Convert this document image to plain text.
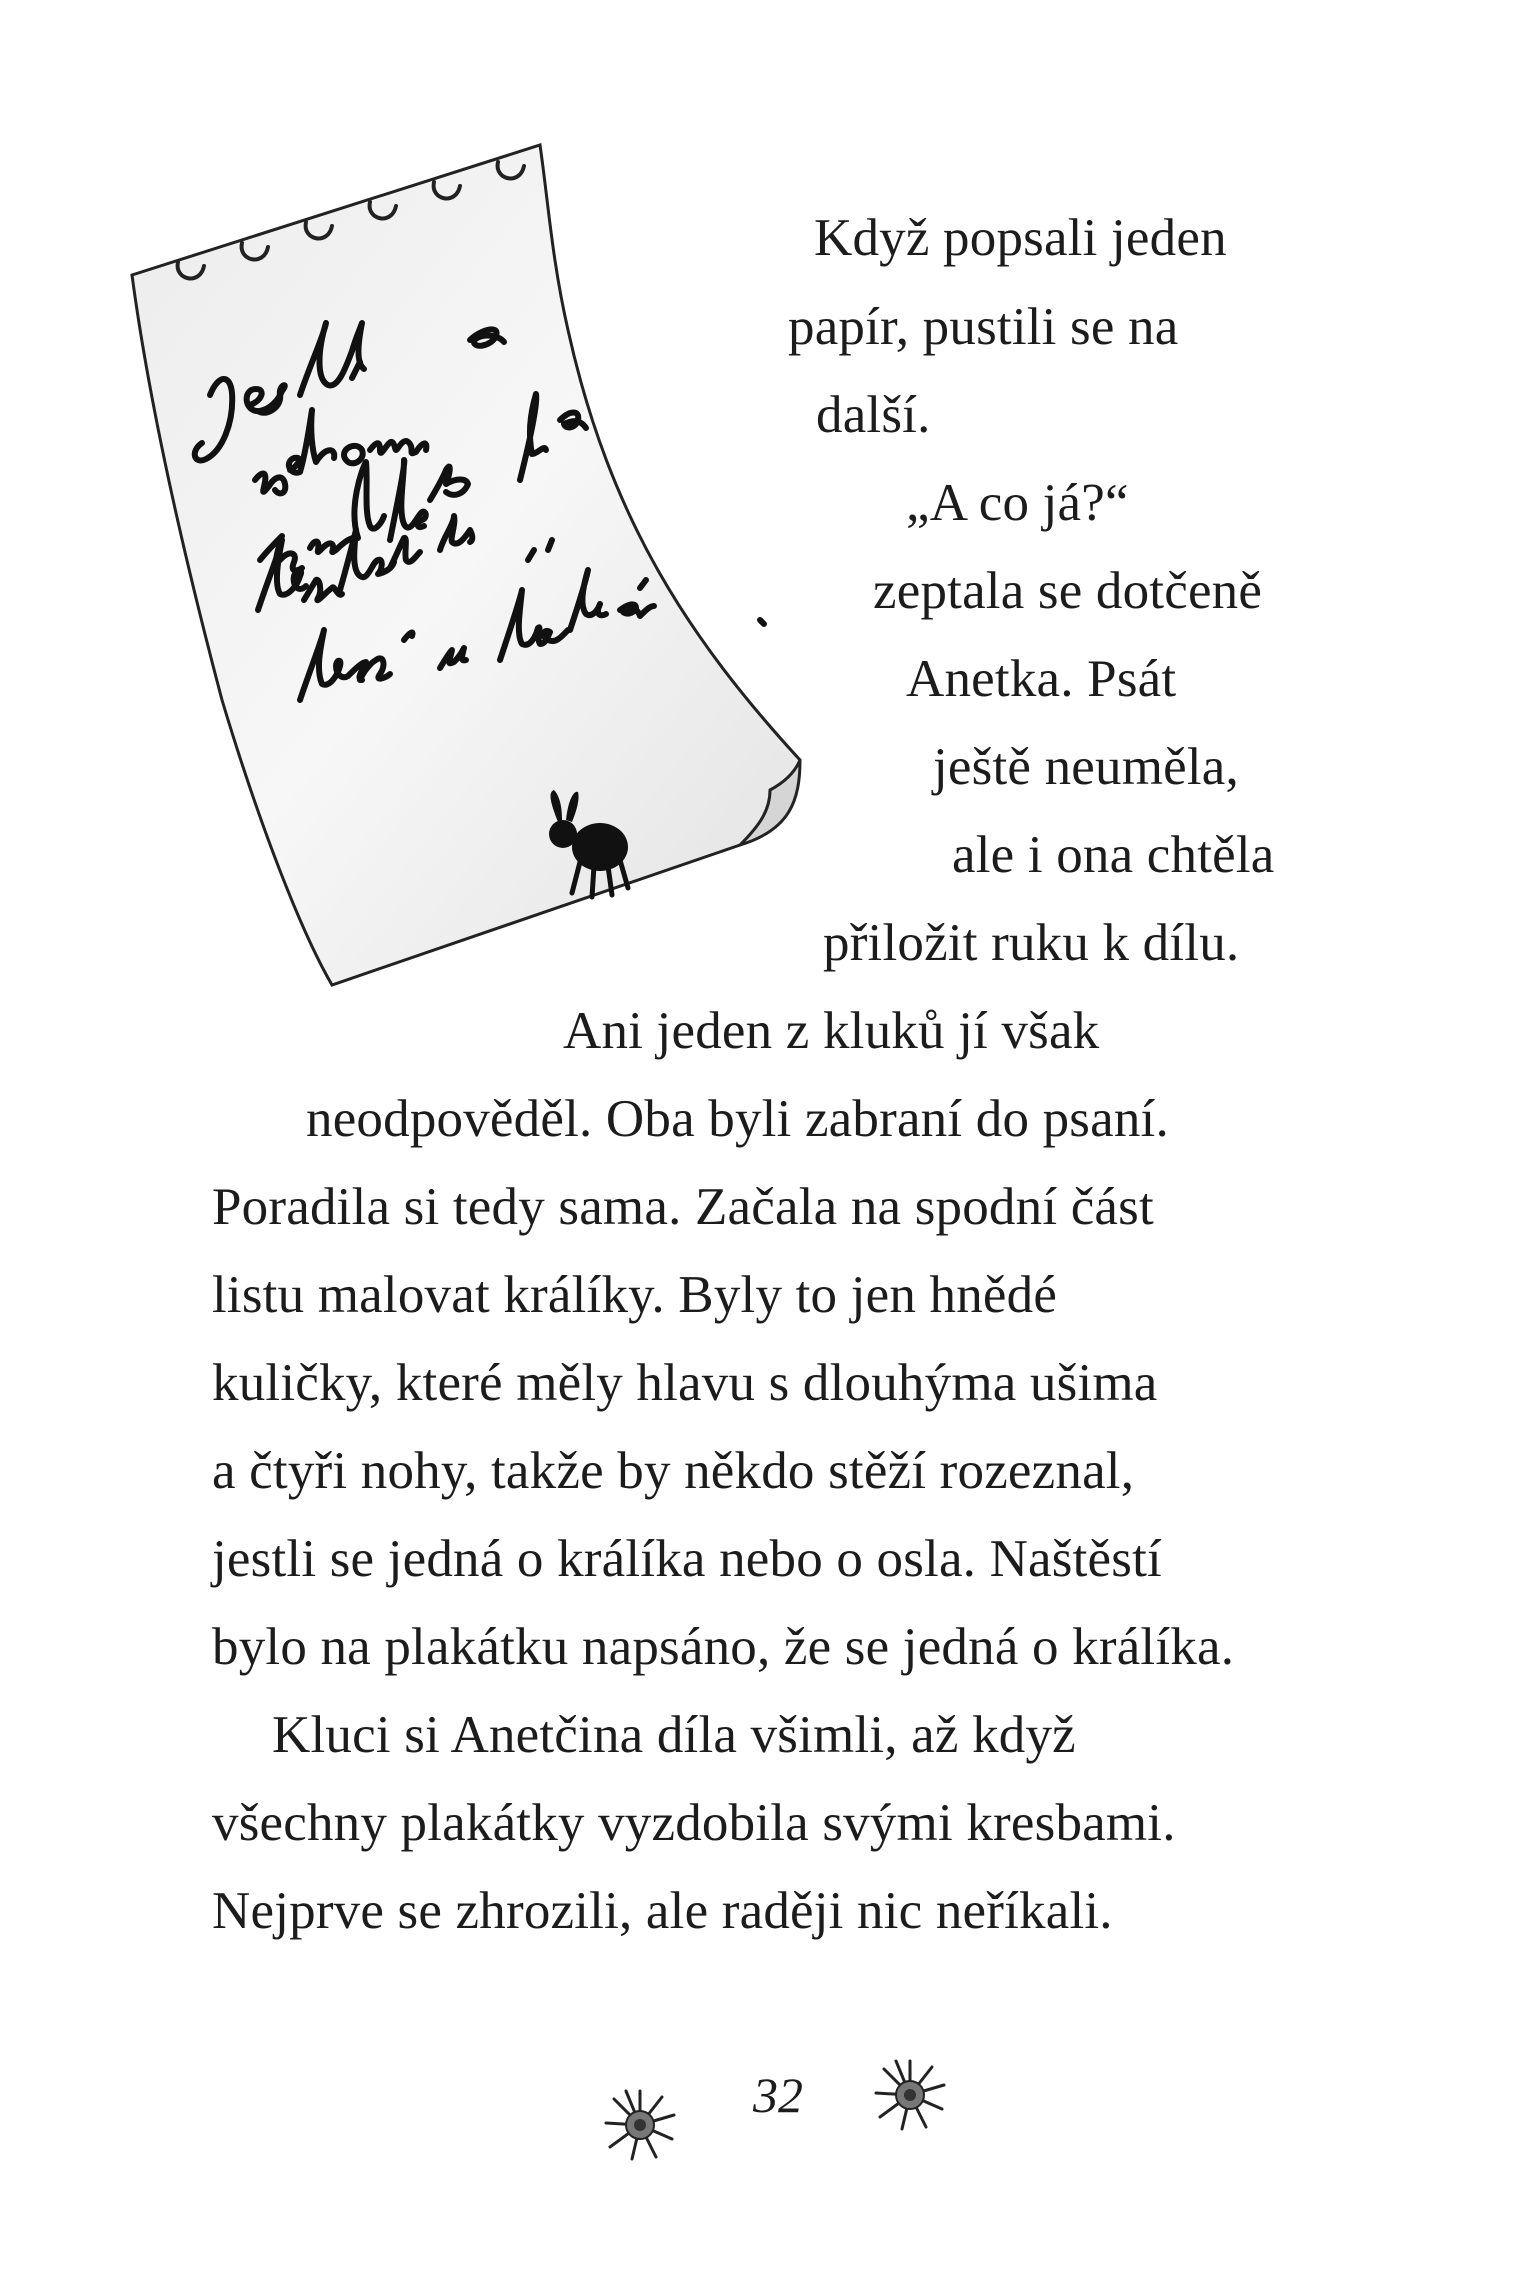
Když popsali jeden
papír, pustili se na
další.
„A co já?“
zeptala se dotčeně
Anetka. Psát
ještě neuměla,
ale i ona chtěla
přiložit ruku k dílu.
Ani jeden z kluků jí však
neodpověděl. Oba byli zabraní do psaní.
Poradila si tedy sama. Začala na spodní část
listu malovat králíky. Byly to jen hnědé
kuličky, které měly hlavu s dlouhýma ušima
a čtyři nohy, takže by někdo stěží rozeznal,
jestli se jedná o králíka nebo o osla. Naštěstí
bylo na plakátku napsáno, že se jedná o králíka.
Kluci si Anetčina díla všimli, až když
všechny plakátky vyzdobila svými kresbami.
Nejprve se zhrozili, ale raději nic neříkali.
32
